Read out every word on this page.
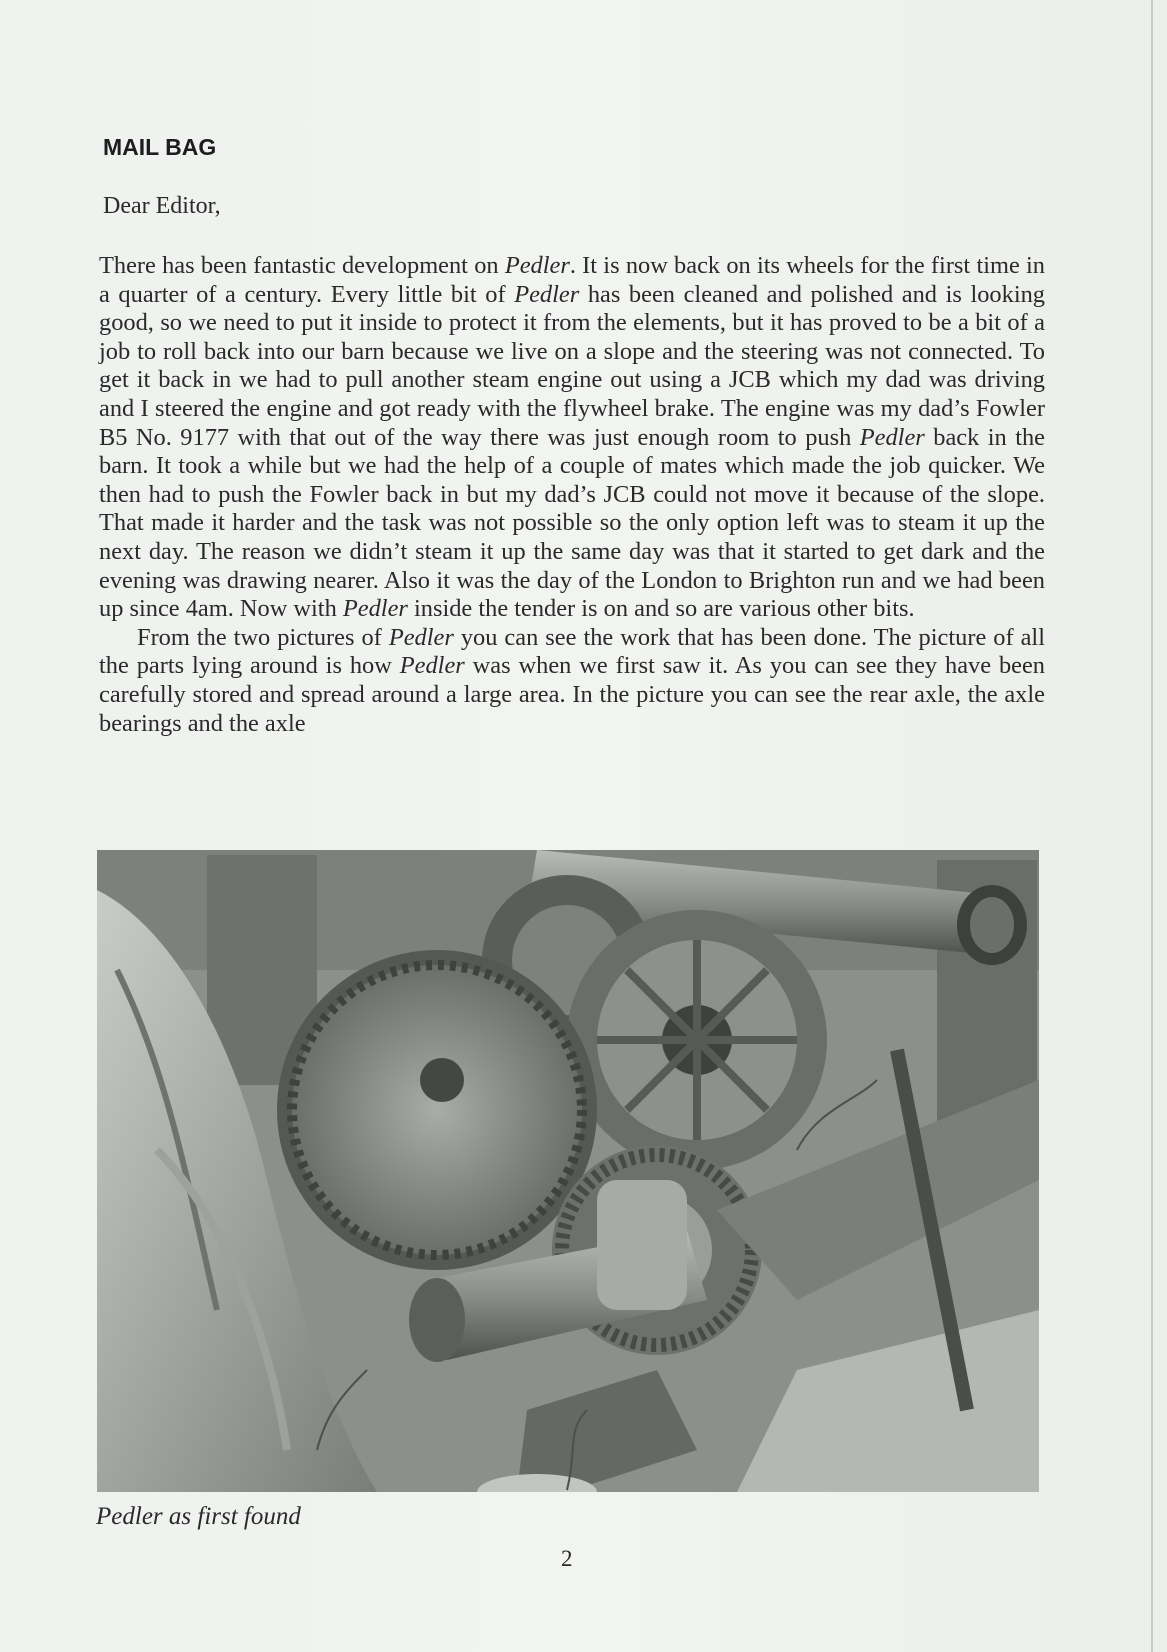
MAIL BAG
Dear Editor,

There has been fantastic development on Pedler. It is now back on its wheels for the first time in a quarter of a century. Every little bit of Pedler has been cleaned and polished and is looking good, so we need to put it inside to protect it from the elements, but it has proved to be a bit of a job to roll back into our barn because we live on a slope and the steering was not connected. To get it back in we had to pull another steam engine out using a JCB which my dad was driving and I steered the engine and got ready with the flywheel brake. The engine was my dad’s Fowler B5 No. 9177 with that out of the way there was just enough room to push Pedler back in the barn. It took a while but we had the help of a couple of mates which made the job quicker. We then had to push the Fowler back in but my dad’s JCB could not move it because of the slope. That made it harder and the task was not possible so the only option left was to steam it up the next day. The reason we didn’t steam it up the same day was that it started to get dark and the evening was drawing nearer. Also it was the day of the London to Brighton run and we had been up since 4am. Now with Pedler inside the tender is on and so are various other bits.

From the two pictures of Pedler you can see the work that has been done. The picture of all the parts lying around is how Pedler was when we first saw it. As you can see they have been carefully stored and spread around a large area. In the picture you can see the rear axle, the axle bearings and the axle

Pedler as first found
2
